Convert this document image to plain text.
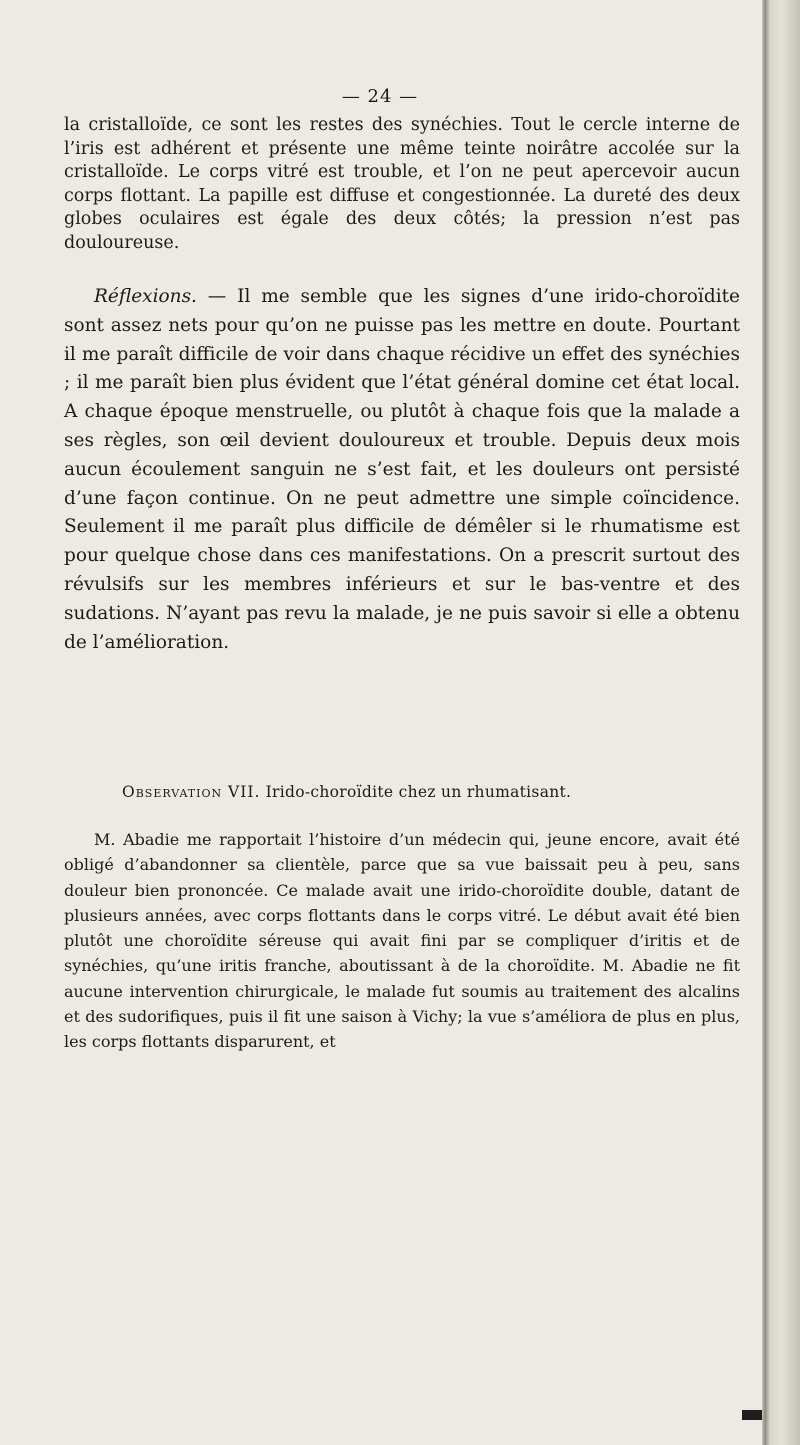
— 24 —

la cristalloïde, ce sont les restes des synéchies. Tout le cercle interne de l’iris est adhérent et présente une même teinte noirâtre accolée sur la cristalloïde. Le corps vitré est trouble, et l’on ne peut apercevoir aucun corps flottant. La papille est diffuse et congestionnée. La dureté des deux globes oculaires est égale des deux côtés; la pression n’est pas douloureuse.

Réflexions. — Il me semble que les signes d’une irido-choroïdite sont assez nets pour qu’on ne puisse pas les mettre en doute. Pourtant il me paraît difficile de voir dans chaque récidive un effet des synéchies ; il me paraît bien plus évident que l’état général domine cet état local. A chaque époque menstruelle, ou plutôt à chaque fois que la malade a ses règles, son œil devient douloureux et trouble. Depuis deux mois aucun écoulement sanguin ne s’est fait, et les douleurs ont persisté d’une façon continue. On ne peut admettre une simple coïncidence. Seulement il me paraît plus difficile de démêler si le rhumatisme est pour quelque chose dans ces manifestations. On a prescrit surtout des révulsifs sur les membres inférieurs et sur le bas-ventre et des sudations. N’ayant pas revu la malade, je ne puis savoir si elle a obtenu de l’amélioration.

Observation VII. Irido-choroïdite chez un rhumatisant.

M. Abadie me rapportait l’histoire d’un médecin qui, jeune encore, avait été obligé d’abandonner sa clientèle, parce que sa vue baissait peu à peu, sans douleur bien prononcée. Ce malade avait une irido-choroïdite double, datant de plusieurs années, avec corps flottants dans le corps vitré. Le début avait été bien plutôt une choroïdite séreuse qui avait fini par se compliquer d’iritis et de synéchies, qu’une iritis franche, aboutissant à de la choroïdite. M. Abadie ne fit aucune intervention chirurgicale, le malade fut soumis au traitement des alcalins et des sudorifiques, puis il fit une saison à Vichy; la vue s’améliora de plus en plus, les corps flottants disparurent, et
